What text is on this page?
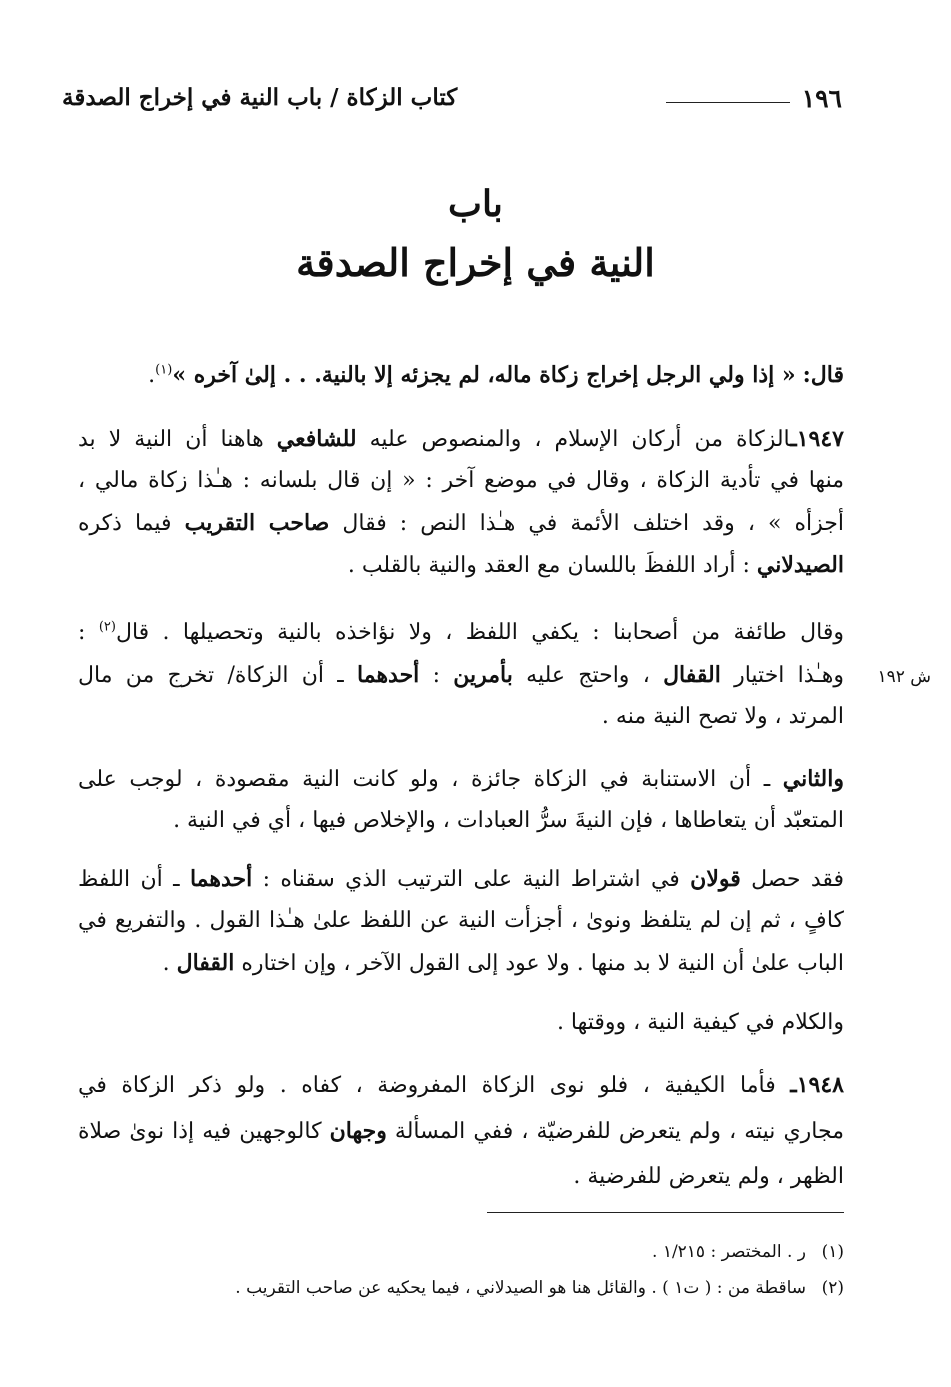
١٩٦
كتاب الزكاة / باب النية في إخراج الصدقة
باب
النية في إخراج الصدقة
قال: « إذا ولي الرجل إخراج زكاة ماله، لم يجزئه إلا بالنية. . . إلىٰ آخره »$^{(١)}$.
١٩٤٧ـالزكاة من أركان الإسلام ، والمنصوص عليه للشافعي هاهنا أن النية لا بد
منها في تأدية الزكاة ، وقال في موضع آخر : « إن قال بلسانه : هـٰذا زكاة مالي ،
أجزأه » ، وقد اختلف الأئمة في هـٰذا النص : فقال صاحب التقريب فيما ذكره
الصيدلاني : أراد اللفظَ باللسان مع العقد والنية بالقلب .
وقال طائفة من أصحابنا : يكفي اللفظ ، ولا نؤاخذه بالنية وتحصيلها . قال$^{(٢)}$ :
وهـٰذا اختيار القفال ، واحتج عليه بأمرين : أحدهما ـ أن الزكاة/ تخرج من مال	ش ١٩٢
المرتد ، ولا تصح النية منه .
والثاني ـ أن الاستنابة في الزكاة جائزة ، ولو كانت النية مقصودة ، لوجب على
المتعبّد أن يتعاطاها ، فإن النيةَ سرُّ العبادات ، والإخلاص فيها ، أي في النية .
فقد حصل قولان في اشتراط النية على الترتيب الذي سقناه : أحدهما ـ أن اللفظ
كافٍ ، ثم إن لم يتلفظ ونوىٰ ، أجزأت النية عن اللفظ علىٰ هـٰذا القول . والتفريع في
الباب علىٰ أن النية لا بد منها . ولا عود إلى القول الآخر ، وإن اختاره القفال .
والكلام في كيفية النية ، ووقتها .
١٩٤٨ـ فأما الكيفية ، فلو نوى الزكاة المفروضة ، كفاه . ولو ذكر الزكاة في
مجاري نيته ، ولم يتعرض للفرضيّة ، ففي المسألة وجهان كالوجهين فيه إذا نوىٰ صلاة
الظهر ، ولم يتعرض للفرضية .
(١)ر . المختصر : ١/٢١٥ .
(٢)ساقطة من : ( ت١ ) . والقائل هنا هو الصيدلاني ، فيما يحكيه عن صاحب التقريب .
